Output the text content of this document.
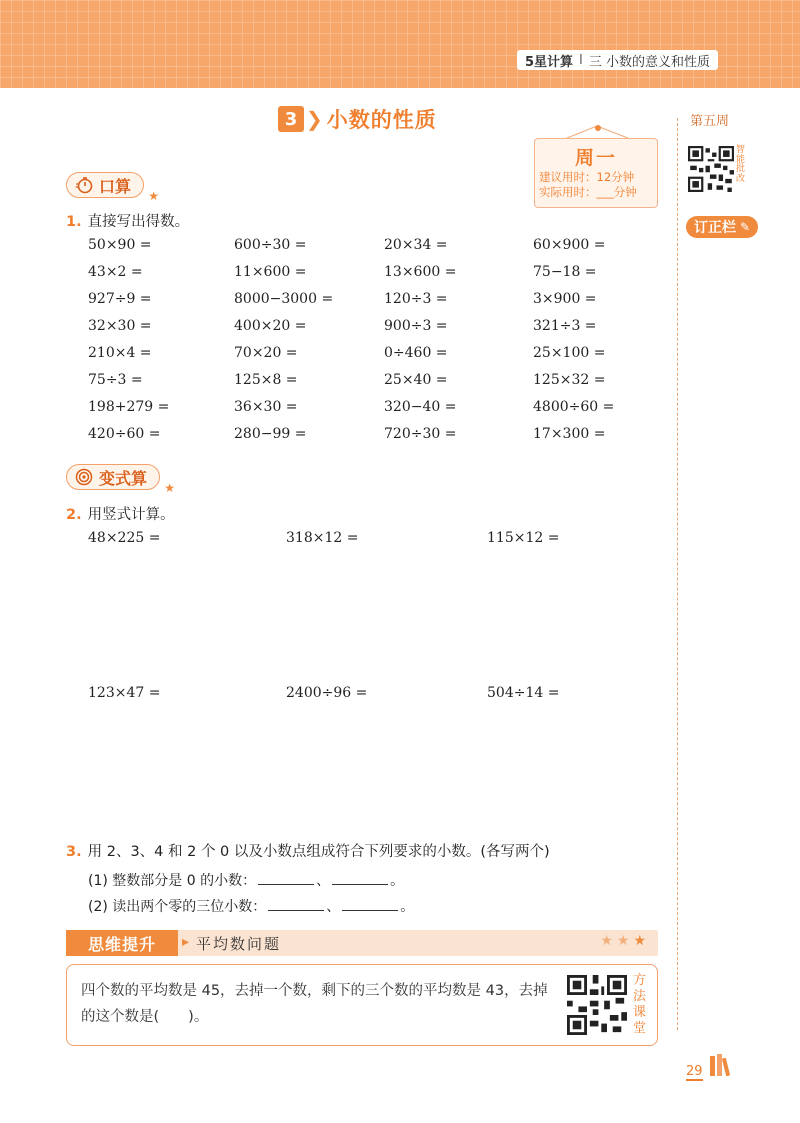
5星计算 I 三 小数的意义和性质
3 ❯ 小数的性质
周一
建议用时：12分钟
实际用时：___分钟
第五周
智能批改
订正栏 ✎
口算
★
1. 直接写出得数。
50×90 =	600÷30 =	20×34 =	60×900 =
43×2 =	11×600 =	13×600 =	75−18 =
927÷9 =	8000−3000 =	120÷3 =	3×900 =
32×30 =	400×20 =	900÷3 =	321÷3 =
210×4 =	70×20 =	0÷460 =	25×100 =
75÷3 =	125×8 =	25×40 =	125×32 =
198+279 =	36×30 =	320−40 =	4800÷60 =
420÷60 =	280−99 =	720÷30 =	17×300 =
变式算
★
2. 用竖式计算。
48×225 =	318×12 =	115×12 =
123×47 =	2400÷96 =	504÷14 =
3. 用 2、3、4 和 2 个 0 以及小数点组成符合下列要求的小数。(各写两个)
(1) 整数部分是 0 的小数：	、	。
(2) 读出两个零的三位小数：	、	。
思维提升	▸ 平均数问题	★★★
四个数的平均数是 45，去掉一个数，剩下的三个数的平均数是 43，去掉
的这个数是(　　)。
方法课堂
29
